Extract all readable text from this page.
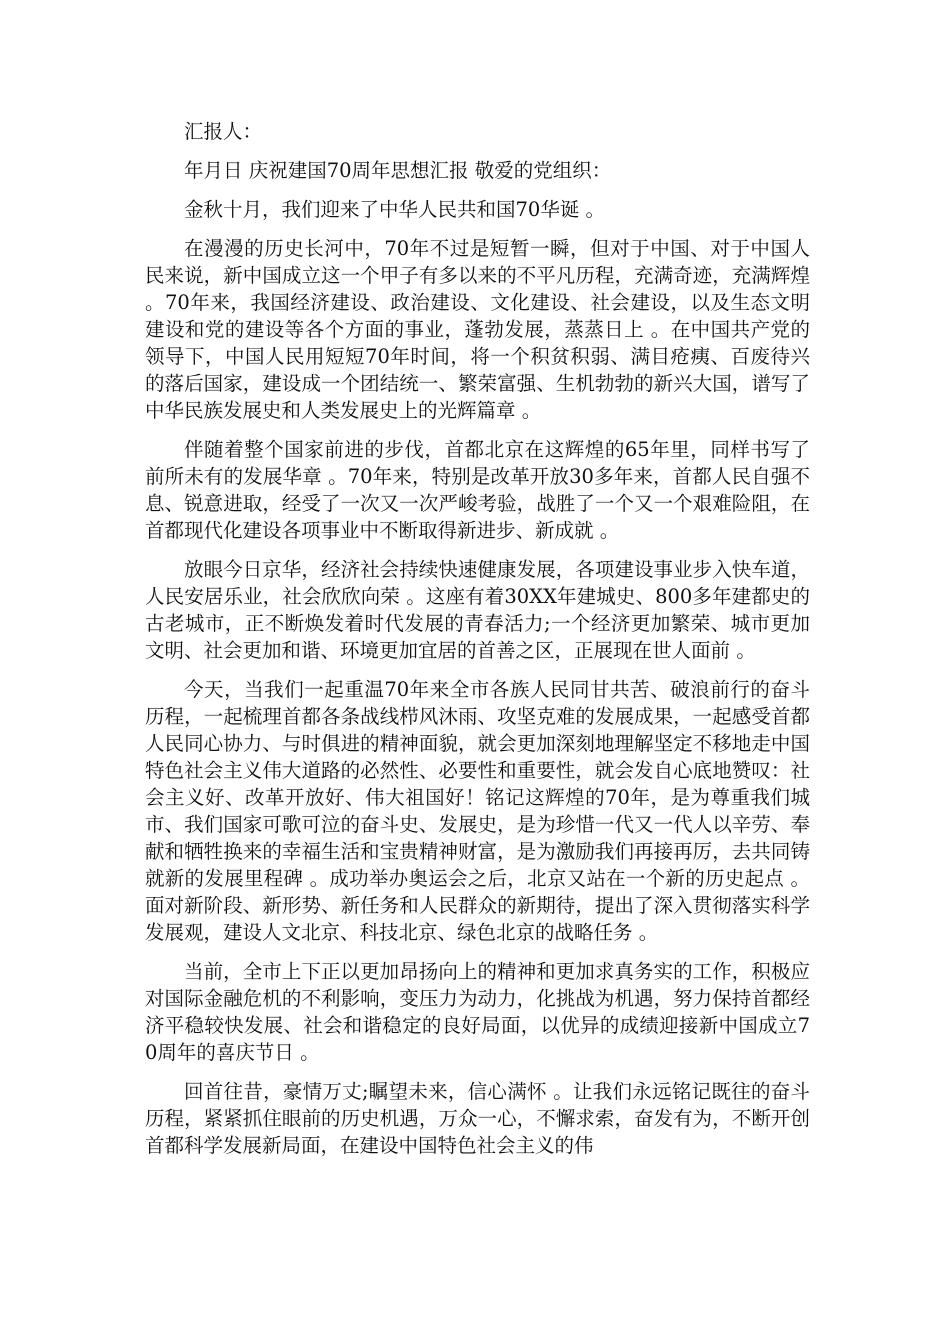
汇报人：

年月日 庆祝建国70周年思想汇报 敬爱的党组织：

金秋十月，我们迎来了中华人民共和国70华诞 。

在漫漫的历史长河中，70年不过是短暂一瞬，但对于中国、对于中国人民来说，新中国成立这一个甲子有多以来的不平凡历程，充满奇迹，充满辉煌 。70年来，我国经济建设、政治建设、文化建设、社会建设，以及生态文明建设和党的建设等各个方面的事业，蓬勃发展，蒸蒸日上 。在中国共产党的领导下，中国人民用短短70年时间，将一个积贫积弱、满目疮痍、百废待兴的落后国家，建设成一个团结统一、繁荣富强、生机勃勃的新兴大国，谱写了中华民族发展史和人类发展史上的光辉篇章 。

伴随着整个国家前进的步伐，首都北京在这辉煌的65年里，同样书写了前所未有的发展华章 。70年来，特别是改革开放30多年来，首都人民自强不息、锐意进取，经受了一次又一次严峻考验，战胜了一个又一个艰难险阻，在首都现代化建设各项事业中不断取得新进步、新成就 。

放眼今日京华，经济社会持续快速健康发展，各项建设事业步入快车道，人民安居乐业，社会欣欣向荣 。这座有着30XX年建城史、800多年建都史的古老城市，正不断焕发着时代发展的青春活力;一个经济更加繁荣、城市更加文明、社会更加和谐、环境更加宜居的首善之区，正展现在世人面前 。

今天，当我们一起重温70年来全市各族人民同甘共苦、破浪前行的奋斗历程，一起梳理首都各条战线栉风沐雨、攻坚克难的发展成果，一起感受首都人民同心协力、与时俱进的精神面貌，就会更加深刻地理解坚定不移地走中国特色社会主义伟大道路的必然性、必要性和重要性，就会发自心底地赞叹：社会主义好、改革开放好、伟大祖国好！铭记这辉煌的70年，是为尊重我们城市、我们国家可歌可泣的奋斗史、发展史，是为珍惜一代又一代人以辛劳、奉献和牺牲换来的幸福生活和宝贵精神财富，是为激励我们再接再厉，去共同铸就新的发展里程碑 。成功举办奥运会之后，北京又站在一个新的历史起点 。面对新阶段、新形势、新任务和人民群众的新期待，提出了深入贯彻落实科学发展观，建设人文北京、科技北京、绿色北京的战略任务 。

当前，全市上下正以更加昂扬向上的精神和更加求真务实的工作，积极应对国际金融危机的不利影响，变压力为动力，化挑战为机遇，努力保持首都经济平稳较快发展、社会和谐稳定的良好局面，以优异的成绩迎接新中国成立70周年的喜庆节日 。

回首往昔，豪情万丈;瞩望未来，信心满怀 。让我们永远铭记既往的奋斗历程，紧紧抓住眼前的历史机遇，万众一心，不懈求索，奋发有为，不断开创首都科学发展新局面，在建设中国特色社会主义的伟
